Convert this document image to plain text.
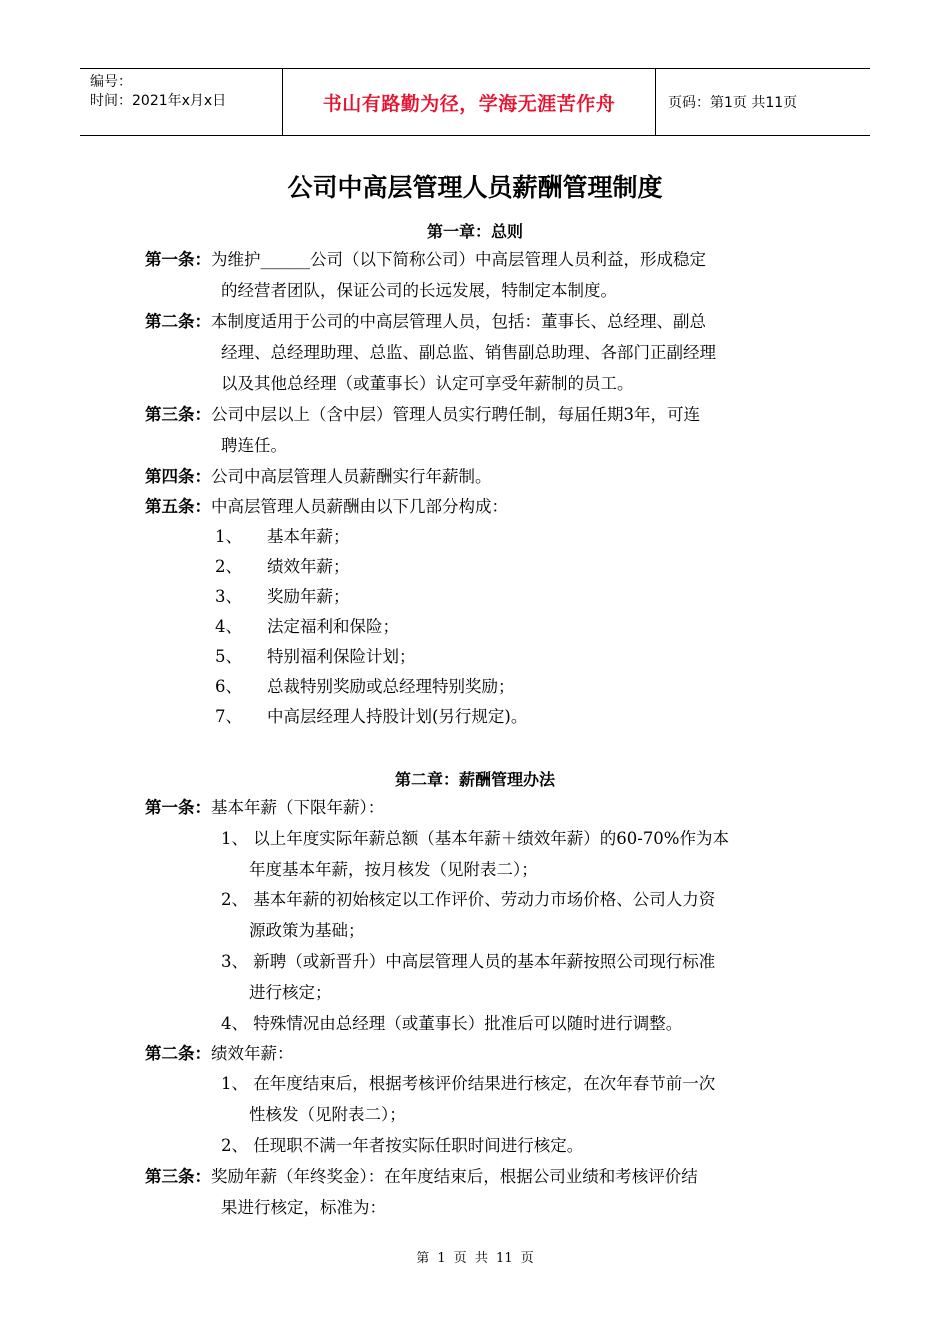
编号：
时间：2021年x月x日	书山有路勤为径，学海无涯苦作舟	页码：第1页 共11页
公司中高层管理人员薪酬管理制度
第一章：总则
第一条：为维护______公司（以下简称公司）中高层管理人员利益，形成稳定
的经营者团队，保证公司的长远发展，特制定本制度。
第二条：本制度适用于公司的中高层管理人员，包括：董事长、总经理、副总
经理、总经理助理、总监、副总监、销售副总助理、各部门正副经理
以及其他总经理（或董事长）认定可享受年薪制的员工。
第三条：公司中层以上（含中层）管理人员实行聘任制，每届任期3年，可连
聘连任。
第四条：公司中高层管理人员薪酬实行年薪制。
第五条：中高层管理人员薪酬由以下几部分构成：
1、 基本年薪；
2、 绩效年薪；
3、 奖励年薪；
4、 法定福利和保险；
5、 特别福利保险计划；
6、 总裁特别奖励或总经理特别奖励；
7、 中高层经理人持股计划(另行规定)。
第二章：薪酬管理办法
第一条：基本年薪（下限年薪）：
1、 以上年度实际年薪总额（基本年薪＋绩效年薪）的60-70%作为本
年度基本年薪，按月核发（见附表二）；
2、 基本年薪的初始核定以工作评价、劳动力市场价格、公司人力资
源政策为基础；
3、 新聘（或新晋升）中高层管理人员的基本年薪按照公司现行标准
进行核定；
4、 特殊情况由总经理（或董事长）批准后可以随时进行调整。
第二条：绩效年薪：
1、 在年度结束后，根据考核评价结果进行核定，在次年春节前一次
性核发（见附表二）；
2、 任现职不满一年者按实际任职时间进行核定。
第三条：奖励年薪（年终奖金）：在年度结束后，根据公司业绩和考核评价结
果进行核定，标准为：
第 1 页 共 11 页
